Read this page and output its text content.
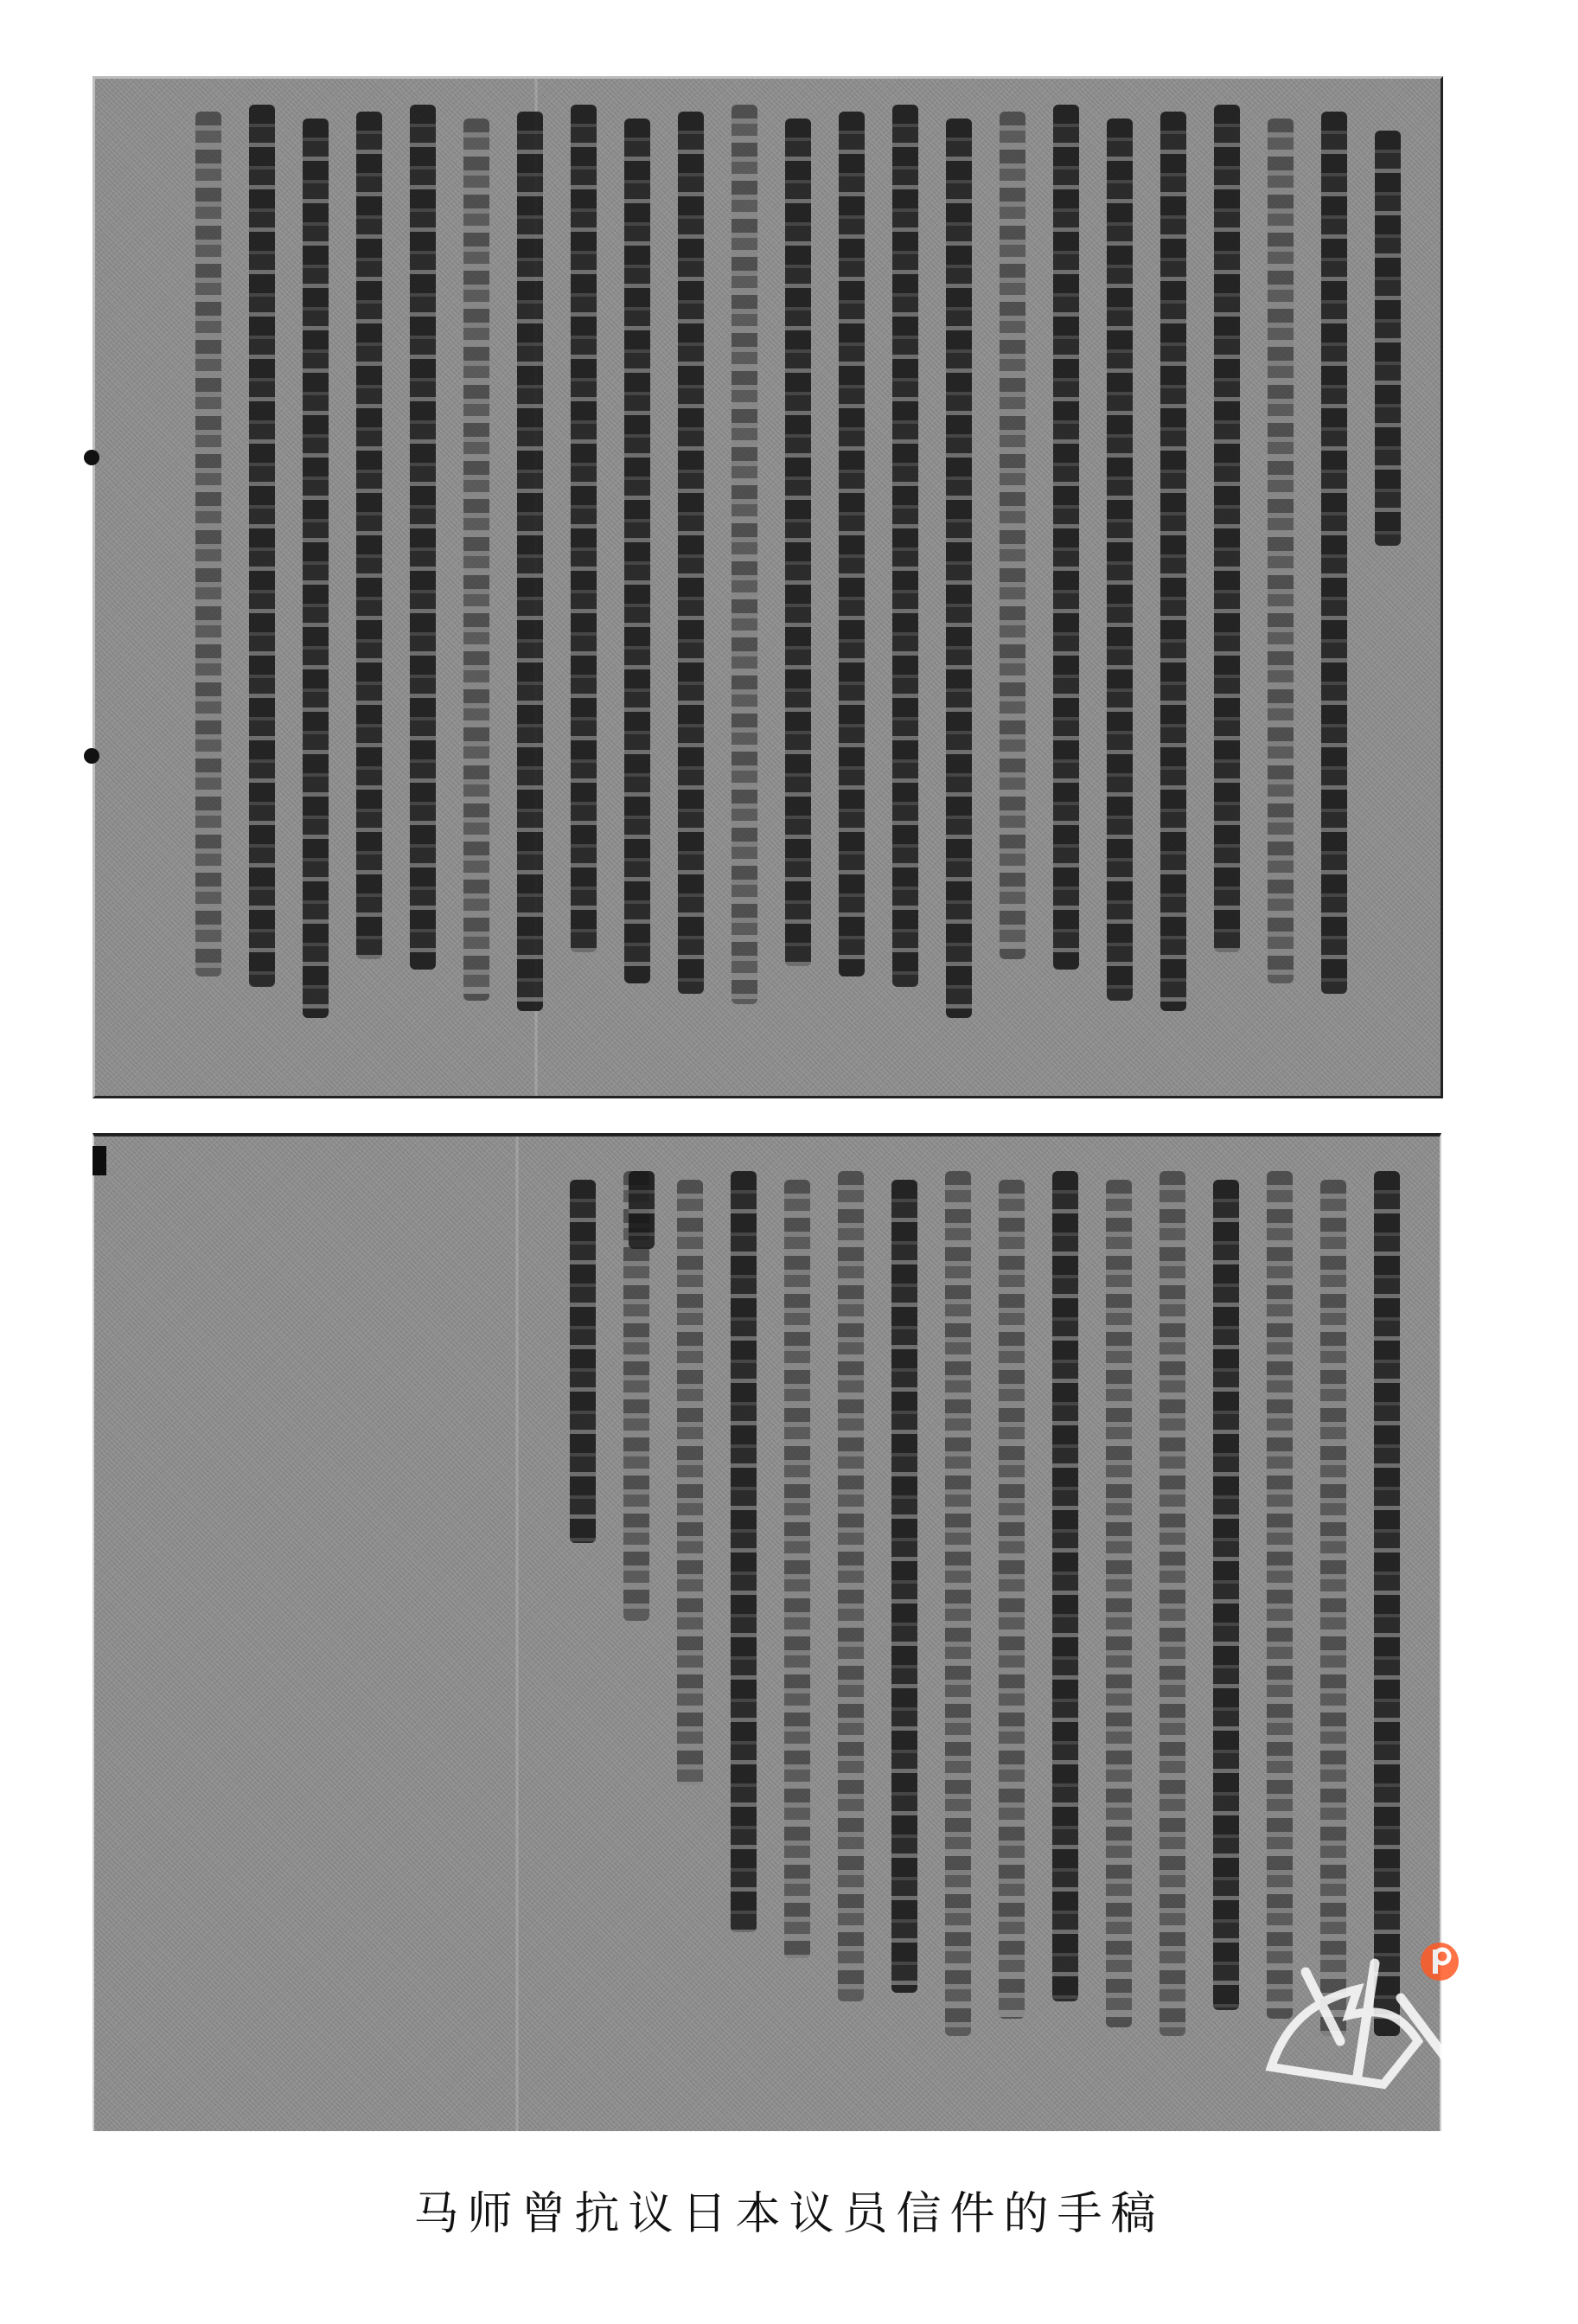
马师曾抗议日本议员信件的手稿
